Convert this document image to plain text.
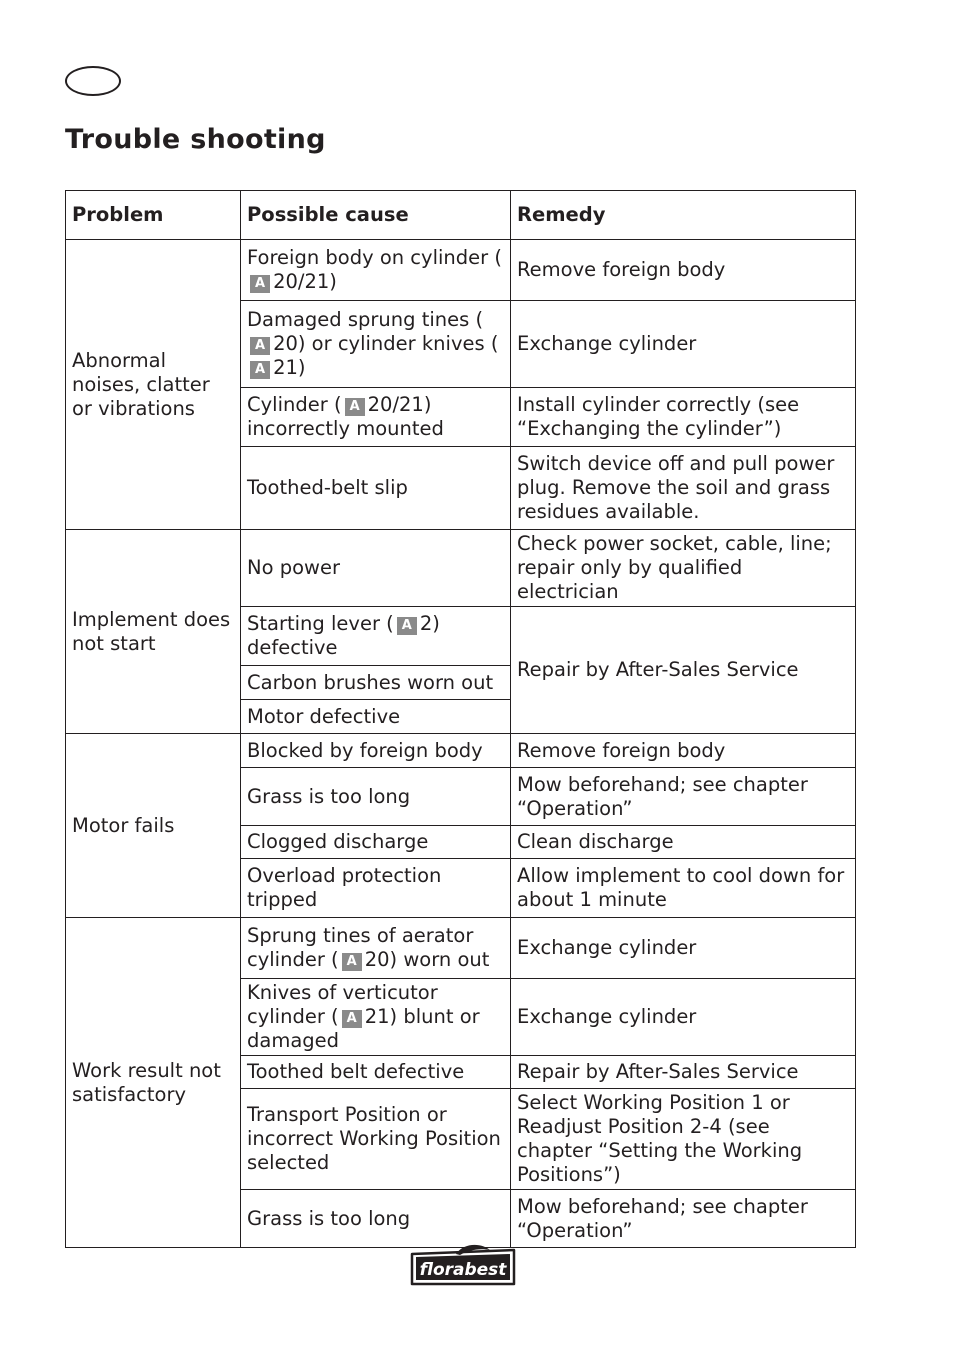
Trouble shooting
Problem	Possible cause	Remedy
Abnormal noises, clatter or vibrations	Foreign body on cylinder (A 20/21)	Remove foreign body
	Damaged sprung tines (A 20) or cylinder knives (A 21)	Exchange cylinder
	Cylinder ( A 20/21) incorrectly mounted	Install cylinder correctly (see “Exchanging the cylinder”)
	Toothed-belt slip	Switch device off and pull power plug. Remove the soil and grass residues available.
Implement does not start	No power	Check power socket, cable, line; repair only by qualified electrician
	Starting lever ( A 2) defective	Repair by After-Sales Service
	Carbon brushes worn out	
	Motor defective	
Motor fails	Blocked by foreign body	Remove foreign body
	Grass is too long	Mow beforehand; see chapter “Operation”
	Clogged discharge	Clean discharge
	Overload protection tripped	Allow implement to cool down for about 1 minute
Work result not satisfactory	Sprung tines of aerator cylinder ( A 20) worn out	Exchange cylinder
	Knives of verticutor cylinder ( A 21) blunt or damaged	Exchange cylinder
	Toothed belt defective	Repair by After-Sales Service
	Transport Position or incorrect Working Position selected	Select Working Position 1 or Readjust Position 2-4 (see chapter “Setting the Working Positions”)
	Grass is too long	Mow beforehand; see chapter “Operation”
florabest
